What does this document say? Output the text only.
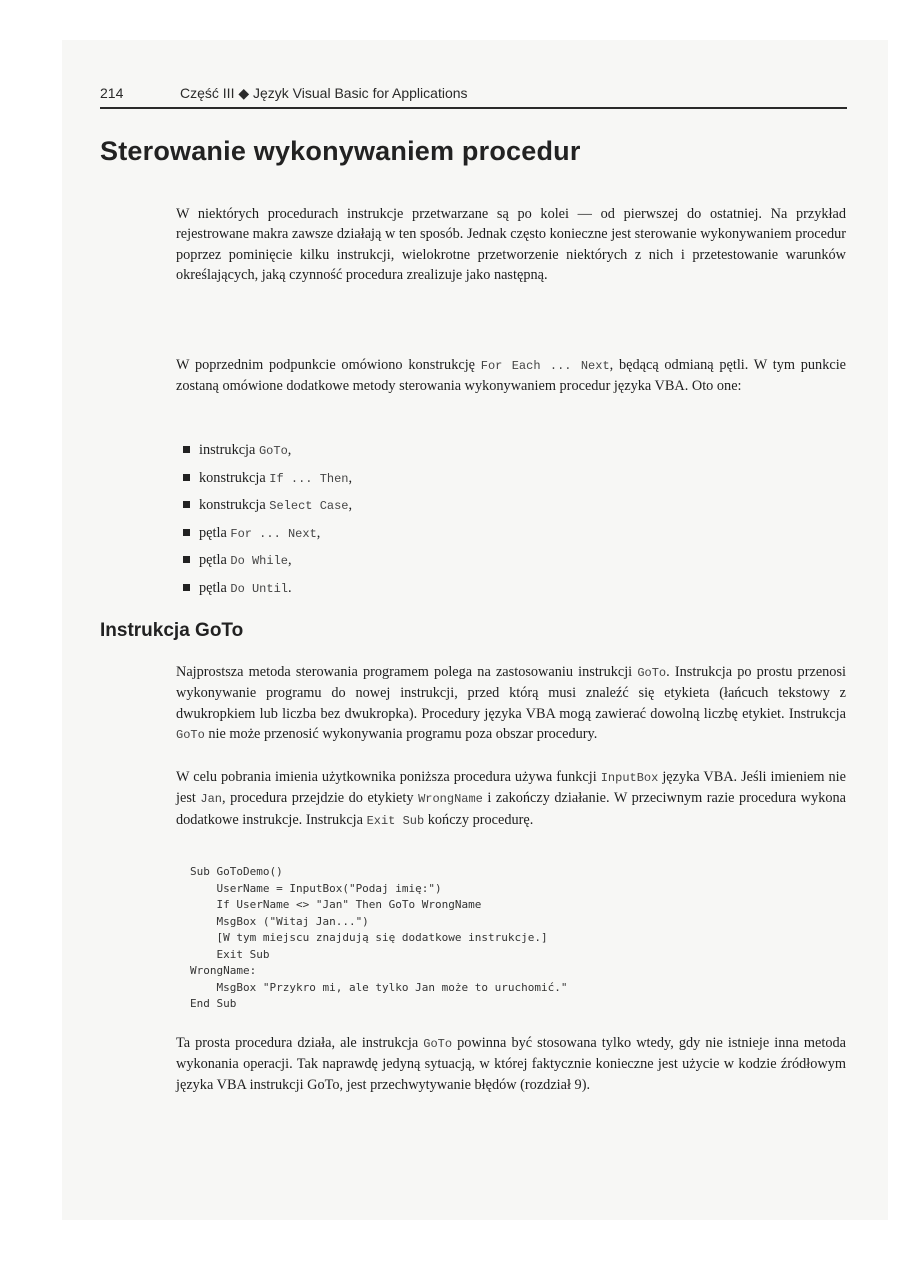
214	Część III ◆ Język Visual Basic for Applications
Sterowanie wykonywaniem procedur

W niektórych procedurach instrukcje przetwarzane są po kolei — od pierwszej do ostatniej. Na przykład rejestrowane makra zawsze działają w ten sposób. Jednak często konieczne jest sterowanie wykonywaniem procedur poprzez pominięcie kilku instrukcji, wielokrotne przetworzenie niektórych z nich i przetestowanie warunków określających, jaką czynność procedura zrealizuje jako następną.

W poprzednim podpunkcie omówiono konstrukcję For Each ... Next, będącą odmianą pętli. W tym punkcie zostaną omówione dodatkowe metody sterowania wykonywaniem procedur języka VBA. Oto one:

instrukcja GoTo,
konstrukcja If ... Then,
konstrukcja Select Case,
pętla For ... Next,
pętla Do While,
pętla Do Until.
Instrukcja GoTo

Najprostsza metoda sterowania programem polega na zastosowaniu instrukcji GoTo. Instrukcja po prostu przenosi wykonywanie programu do nowej instrukcji, przed którą musi znaleźć się etykieta (łańcuch tekstowy z dwukropkiem lub liczba bez dwukropka). Procedury języka VBA mogą zawierać dowolną liczbę etykiet. Instrukcja GoTo nie może przenosić wykonywania programu poza obszar procedury.

W celu pobrania imienia użytkownika poniższa procedura używa funkcji InputBox języka VBA. Jeśli imieniem nie jest Jan, procedura przejdzie do etykiety WrongName i zakończy działanie. W przeciwnym razie procedura wykona dodatkowe instrukcje. Instrukcja Exit Sub kończy procedurę.

Sub GoToDemo()
UserName = InputBox("Podaj imię:")
If UserName <> "Jan" Then GoTo WrongName
MsgBox ("Witaj Jan...")
[W tym miejscu znajdują się dodatkowe instrukcje.]
Exit Sub
WrongName:
MsgBox "Przykro mi, ale tylko Jan może to uruchomić."
End Sub

Ta prosta procedura działa, ale instrukcja GoTo powinna być stosowana tylko wtedy, gdy nie istnieje inna metoda wykonania operacji. Tak naprawdę jedyną sytuacją, w której faktycznie konieczne jest użycie w kodzie źródłowym języka VBA instrukcji GoTo, jest przechwytywanie błędów (rozdział 9).
